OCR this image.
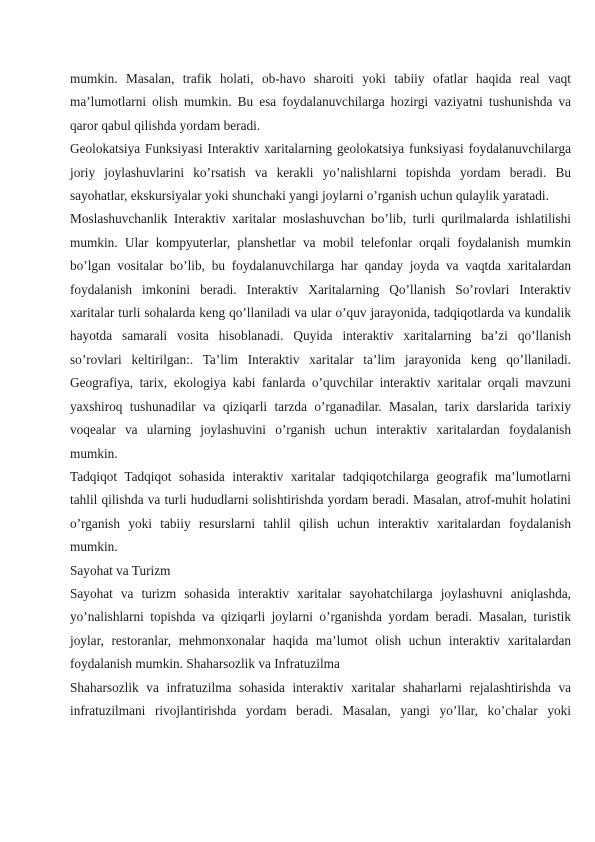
mumkin. Masalan, trafik holati, ob-havo sharoiti yoki tabiiy ofatlar haqida real vaqt ma’lumotlarni olish mumkin. Bu esa foydalanuvchilarga hozirgi vaziyatni tushunishda va qaror qabul qilishda yordam beradi.

Geolokatsiya Funksiyasi Interaktiv xaritalarning geolokatsiya funksiyasi foydalanuvchilarga joriy joylashuvlarini ko’rsatish va kerakli yo’nalishlarni topishda yordam beradi. Bu sayohatlar, ekskursiyalar yoki shunchaki yangi joylarni o’rganish uchun qulaylik yaratadi.

Moslashuvchanlik Interaktiv xaritalar moslashuvchan bo’lib, turli qurilmalarda ishlatilishi mumkin. Ular kompyuterlar, planshetlar va mobil telefonlar orqali foydalanish mumkin bo’lgan vositalar bo’lib, bu foydalanuvchilarga har qanday joyda va vaqtda xaritalardan foydalanish imkonini beradi. Interaktiv Xaritalarning Qo’llanish So’rovlari Interaktiv xaritalar turli sohalarda keng qo’llaniladi va ular o’quv jarayonida, tadqiqotlarda va kundalik hayotda samarali vosita hisoblanadi. Quyida interaktiv xaritalarning ba’zi qo’llanish so’rovlari keltirilgan:. Ta’lim Interaktiv xaritalar ta’lim jarayonida keng qo’llaniladi. Geografiya, tarix, ekologiya kabi fanlarda o’quvchilar interaktiv xaritalar orqali mavzuni yaxshiroq tushunadilar va qiziqarli tarzda o’rganadilar. Masalan, tarix darslarida tarixiy voqealar va ularning joylashuvini o’rganish uchun interaktiv xaritalardan foydalanish mumkin.

Tadqiqot Tadqiqot sohasida interaktiv xaritalar tadqiqotchilarga geografik ma’lumotlarni tahlil qilishda va turli hududlarni solishtirishda yordam beradi. Masalan, atrof-muhit holatini o’rganish yoki tabiiy resurslarni tahlil qilish uchun interaktiv xaritalardan foydalanish mumkin.

Sayohat va Turizm

Sayohat va turizm sohasida interaktiv xaritalar sayohatchilarga joylashuvni aniqlashda, yo’nalishlarni topishda va qiziqarli joylarni o’rganishda yordam beradi. Masalan, turistik joylar, restoranlar, mehmonxonalar haqida ma’lumot olish uchun interaktiv xaritalardan foydalanish mumkin. Shaharsozlik va Infratuzilma

Shaharsozlik va infratuzilma sohasida interaktiv xaritalar shaharlarni rejalashtirishda va infratuzilmani rivojlantirishda yordam beradi. Masalan, yangi yo’llar, ko’chalar yoki
